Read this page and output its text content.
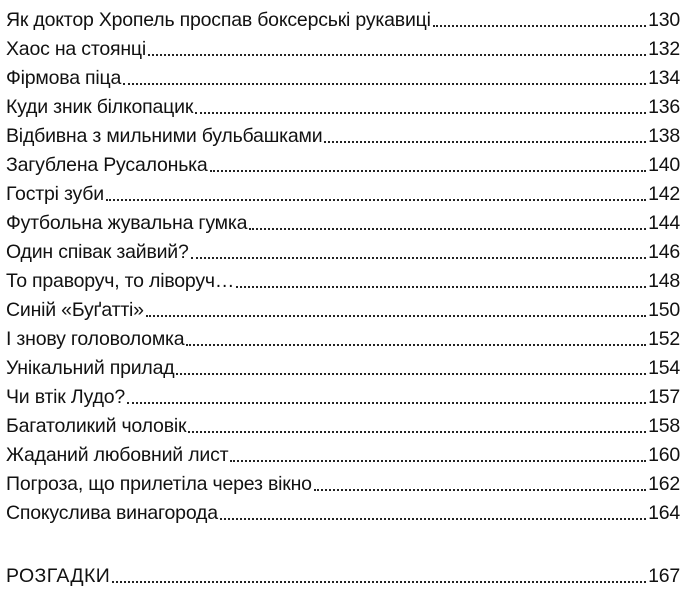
Як доктор Хропель проспав боксерські рукавиці	130
Хаос на стоянці	132
Фірмова піца	134
Куди зник білкопацик	136
Відбивна з мильними бульбашками	138
Загублена Русалонька	140
Гострі зуби	142
Футбольна жувальна гумка	144
Один співак зайвий?	146
То праворуч, то ліворуч…	148
Синій «Буґатті»	150
І знову головоломка	152
Унікальний прилад	154
Чи втік Лудо?	157
Багатоликий чоловік	158
Жаданий любовний лист	160
Погроза, що прилетіла через вікно	162
Спокуслива винагорода	164
РОЗГАДКИ	167
